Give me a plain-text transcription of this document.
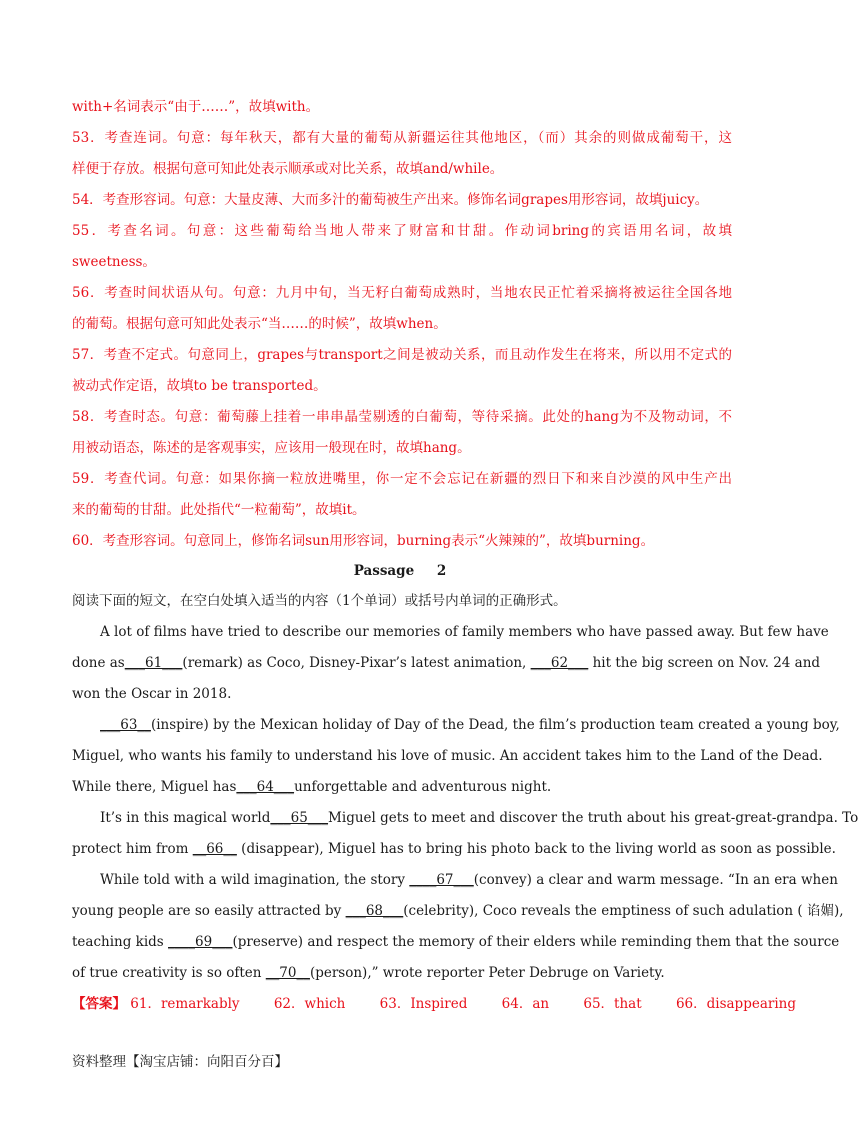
with+名词表示“由于……”，故填with。
53．考查连词。句意：每年秋天，都有大量的葡萄从新疆运往其他地区，（而）其余的则做成葡萄干，这
样便于存放。根据句意可知此处表示顺承或对比关系，故填and/while。
54．考查形容词。句意：大量皮薄、大而多汁的葡萄被生产出来。修饰名词grapes用形容词，故填juicy。
55．考查名词。句意：这些葡萄给当地人带来了财富和甘甜。作动词bring的宾语用名词，故填
sweetness。
56．考查时间状语从句。句意：九月中旬，当无籽白葡萄成熟时，当地农民正忙着采摘将被运往全国各地
的葡萄。根据句意可知此处表示“当……的时候”，故填when。
57．考查不定式。句意同上，grapes与transport之间是被动关系，而且动作发生在将来，所以用不定式的
被动式作定语，故填to be transported。
58．考查时态。句意：葡萄藤上挂着一串串晶莹剔透的白葡萄，等待采摘。此处的hang为不及物动词，不
用被动语态，陈述的是客观事实，应该用一般现在时，故填hang。
59．考查代词。句意：如果你摘一粒放进嘴里，你一定不会忘记在新疆的烈日下和来自沙漠的风中生产出
来的葡萄的甘甜。此处指代“一粒葡萄”，故填it。
60．考查形容词。句意同上，修饰名词sun用形容词，burning表示“火辣辣的”，故填burning。
Passage 2
阅读下面的短文，在空白处填入适当的内容（1个单词）或括号内单词的正确形式。
A lot of films have tried to describe our memories of family members who have passed away. But few have
done as___61___(remark) as Coco, Disney-Pixar’s latest animation, ___62___ hit the big screen on Nov. 24 and
won the Oscar in 2018.
___63__(inspire) by the Mexican holiday of Day of the Dead, the film’s production team created a young boy,
Miguel, who wants his family to understand his love of music. An accident takes him to the Land of the Dead.
While there, Miguel has___64___unforgettable and adventurous night.
It’s in this magical world___65___Miguel gets to meet and discover the truth about his great-great-grandpa. To
protect him from __66__ (disappear), Miguel has to bring his photo back to the living world as soon as possible.
While told with a wild imagination, the story ____67___(convey) a clear and warm message. “In an era when
young people are so easily attracted by ___68___(celebrity), Coco reveals the emptiness of such adulation ( 谄媚),
teaching kids ____69___(preserve) and respect the memory of their elders while reminding them that the source
of true creativity is so often __70__(person),” wrote reporter Peter Debruge on Variety.
【答案】 61．remarkably	62．which	63．Inspired	64．an	65．that	66．disappearing
资料整理【淘宝店铺：向阳百分百】
